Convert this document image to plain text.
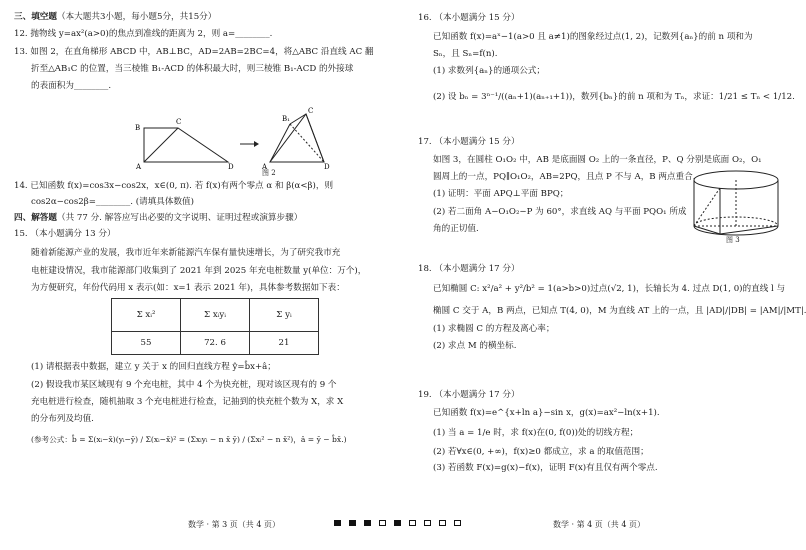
三、填空题（本大题共3小题，每小题5分，共15分）
12. 抛物线 y=ax²(a>0)的焦点到准线的距离为 2，则 a=________.
13. 如图 2，在直角梯形 ABCD 中，AB⊥BC，AD=2AB=2BC=4，将△ABC 沿直线 AC 翻
折至△AB₁C 的位置，当三棱锥 B₁-ACD 的体积最大时，则三棱锥 B₁-ACD 的外接球
的表面积为________.
B
C
A	D
B₁
C
A	D
图 2
14. 已知函数 f(x)=cos3x−cos2x，x∈(0, π). 若 f(x)有两个零点 α 和 β(α<β)，则
cos2α−cos2β=________. (请填具体数值)
四、解答题（共 77 分. 解答应写出必要的文字说明、证明过程或演算步骤）
15. （本小题满分 13 分）
随着新能源产业的发展，我市近年来新能源汽车保有量快速增长，为了研究我市充
电桩建设情况，我市能源部门收集到了 2021 年到 2025 年充电桩数量 y(单位：万个)，
为方便研究，年份代码用 x 表示(如：x=1 表示 2021 年)，具体参考数据如下表：
Σ xᵢ²	Σ xᵢyᵢ	Σ yᵢ
55	72. 6	21
(1) 请根据表中数据，建立 y 关于 x 的回归直线方程 ŷ=b̂x+â；
(2) 假设我市某区域现有 9 个充电桩，其中 4 个为快充桩，现对该区现有的 9 个
充电桩进行检查，随机抽取 3 个充电桩进行检查，记抽到的快充桩个数为 X，求 X
的分布列及均值.
(参考公式：b̂ = Σ(xᵢ−x̄)(yᵢ−ȳ) / Σ(xᵢ−x̄)² = (Σxᵢyᵢ − n x̄ ȳ) / (Σxᵢ² − n x̄²)，â = ȳ − b̂x̄.)
数学 · 第 3 页（共 4 页）
16. （本小题满分 15 分）
已知函数 f(x)=aˣ−1(a>0 且 a≠1)的图象经过点(1, 2)，记数列{aₙ}的前 n 项和为
Sₙ，且 Sₙ=f(n).
(1) 求数列{aₙ}的通项公式；
(2) 设 bₙ = 3ⁿ⁻¹/((aₙ+1)(aₙ₊₁+1))，数列{bₙ}的前 n 项和为 Tₙ，求证：1/21 ≤ Tₙ < 1/12.
17. （本小题满分 15 分）
如图 3，在圆柱 O₁O₂ 中，AB 是底面圆 O₂ 上的一条直径，P、Q 分别是底面 O₂，O₁
圆周上的一点，PQ∥O₁O₂，AB=2PQ，且点 P 不与 A，B 两点重合.
(1) 证明：平面 APQ⊥平面 BPQ；
(2) 若二面角 A−O₁O₂−P 为 60°，求直线 AQ 与平面 PQO₁ 所成
角的正切值.
图 3
18. （本小题满分 17 分）
已知椭圆 C: x²/a² + y²/b² = 1(a>b>0)过点(√2, 1)，长轴长为 4. 过点 D(1, 0)的直线 l 与
椭圆 C 交于 A，B 两点，已知点 T(4, 0)，M 为直线 AT 上的一点，且 |AD|/|DB| = |AM|/|MT|.
(1) 求椭圆 C 的方程及离心率；
(2) 求点 M 的横坐标.
19. （本小题满分 17 分）
已知函数 f(x)=e^{x+ln a}−sin x，g(x)=ax²−ln(x+1).
(1) 当 a = 1/e 时，求 f(x)在(0, f(0))处的切线方程；
(2) 若∀x∈(0, +∞)，f(x)≥0 都成立，求 a 的取值范围；
(3) 若函数 F(x)=g(x)−f(x)，证明 F(x)有且仅有两个零点.
数学 · 第 4 页（共 4 页）
